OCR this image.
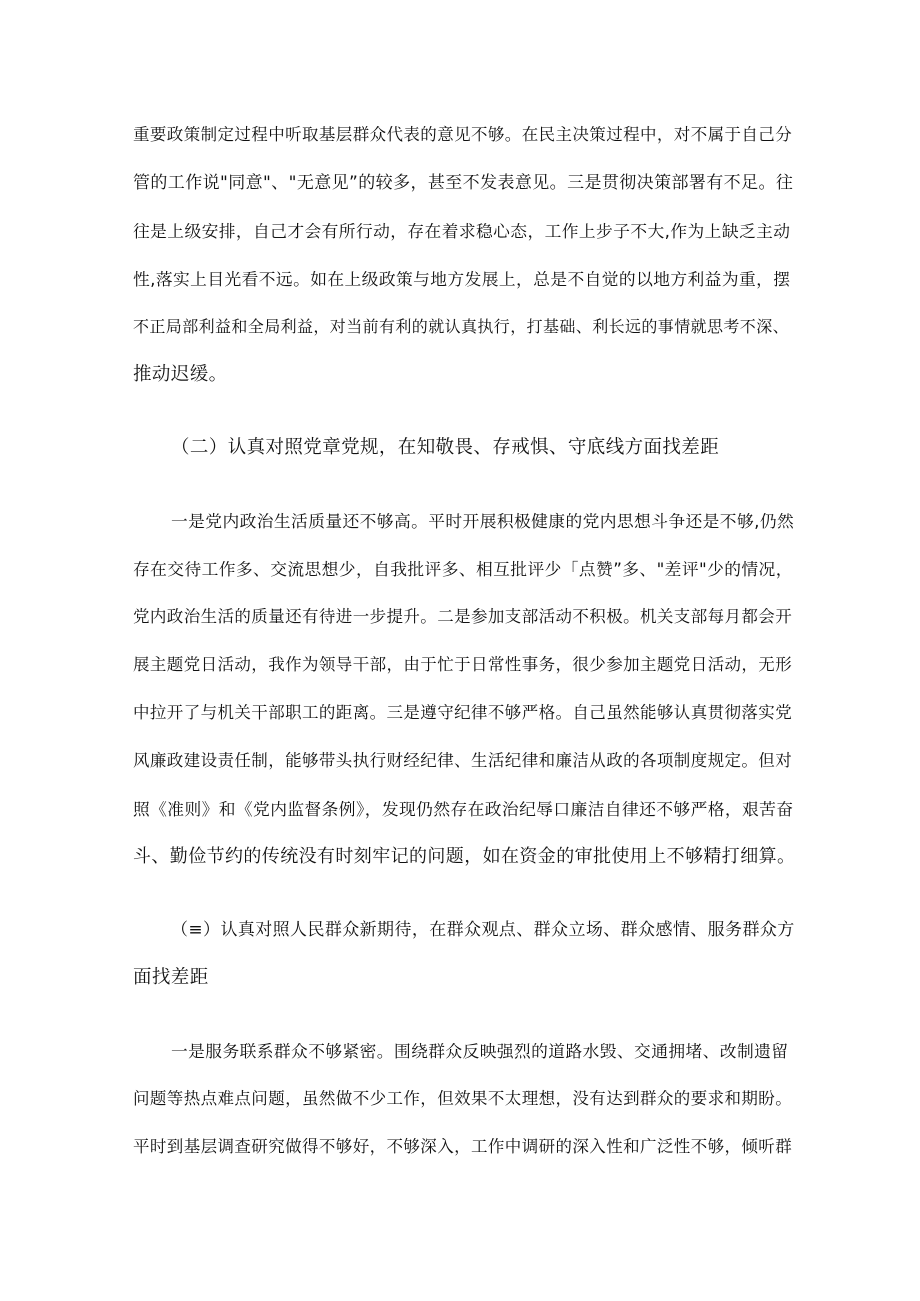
重要政策制定过程中听取基层群众代表的意见不够。在民主决策过程中，对不属于自己分
管的工作说"同意"、"无意见”的较多，甚至不发表意见。三是贯彻决策部署有不足。往
往是上级安排，自己才会有所行动，存在着求稳心态，工作上步子不大,作为上缺乏主动
性,落实上目光看不远。如在上级政策与地方发展上，总是不自觉的以地方利益为重，摆
不正局部利益和全局利益，对当前有利的就认真执行，打基础、利长远的事情就思考不深、
推动迟缓。
（二）认真对照党章党规，在知敬畏、存戒惧、守底线方面找差距
一是党内政治生活质量还不够高。平时开展积极健康的党内思想斗争还是不够,仍然
存在交待工作多、交流思想少，自我批评多、相互批评少「点赞”多、"差评"少的情况，
党内政治生活的质量还有待进一步提升。二是参加支部活动不积极。机关支部每月都会开
展主题党日活动，我作为领导干部，由于忙于日常性事务，很少参加主题党日活动，无形
中拉开了与机关干部职工的距离。三是遵守纪律不够严格。自己虽然能够认真贯彻落实党
风廉政建设责任制，能够带头执行财经纪律、生活纪律和廉洁从政的各项制度规定。但对
照《准则》和《党内监督条例》，发现仍然存在政治纪辱口廉洁自律还不够严格，艰苦奋
斗、勤俭节约的传统没有时刻牢记的问题，如在资金的审批使用上不够精打细算。
（≡）认真对照人民群众新期待，在群众观点、群众立场、群众感情、服务群众方
面找差距
一是服务联系群众不够紧密。围绕群众反映强烈的道路水毁、交通拥堵、改制遗留
问题等热点难点问题，虽然做不少工作，但效果不太理想，没有达到群众的要求和期盼。
平时到基层调查研究做得不够好，不够深入，工作中调研的深入性和广泛性不够，倾听群
